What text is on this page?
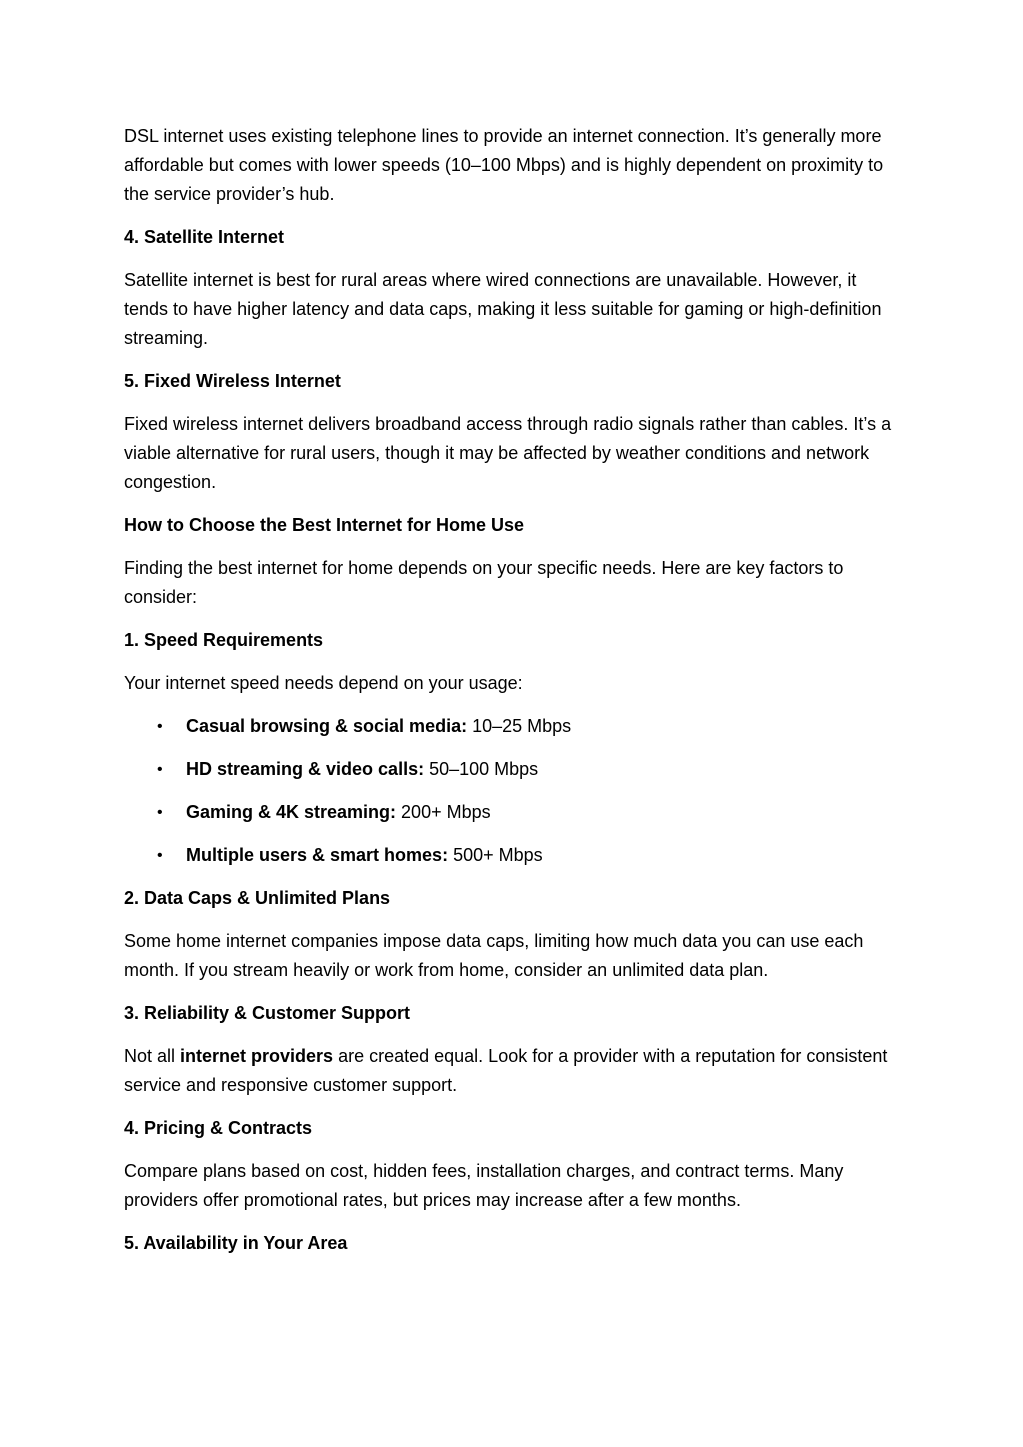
DSL internet uses existing telephone lines to provide an internet connection. It’s generally more affordable but comes with lower speeds (10–100 Mbps) and is highly dependent on proximity to the service provider’s hub.

4. Satellite Internet

Satellite internet is best for rural areas where wired connections are unavailable. However, it tends to have higher latency and data caps, making it less suitable for gaming or high-definition streaming.

5. Fixed Wireless Internet

Fixed wireless internet delivers broadband access through radio signals rather than cables. It’s a viable alternative for rural users, though it may be affected by weather conditions and network congestion.

How to Choose the Best Internet for Home Use

Finding the best internet for home depends on your specific needs. Here are key factors to consider:

1. Speed Requirements

Your internet speed needs depend on your usage:

• Casual browsing & social media: 10–25 Mbps
• HD streaming & video calls: 50–100 Mbps
• Gaming & 4K streaming: 200+ Mbps
• Multiple users & smart homes: 500+ Mbps

2. Data Caps & Unlimited Plans

Some home internet companies impose data caps, limiting how much data you can use each month. If you stream heavily or work from home, consider an unlimited data plan.

3. Reliability & Customer Support

Not all internet providers are created equal. Look for a provider with a reputation for consistent service and responsive customer support.

4. Pricing & Contracts

Compare plans based on cost, hidden fees, installation charges, and contract terms. Many providers offer promotional rates, but prices may increase after a few months.

5. Availability in Your Area
